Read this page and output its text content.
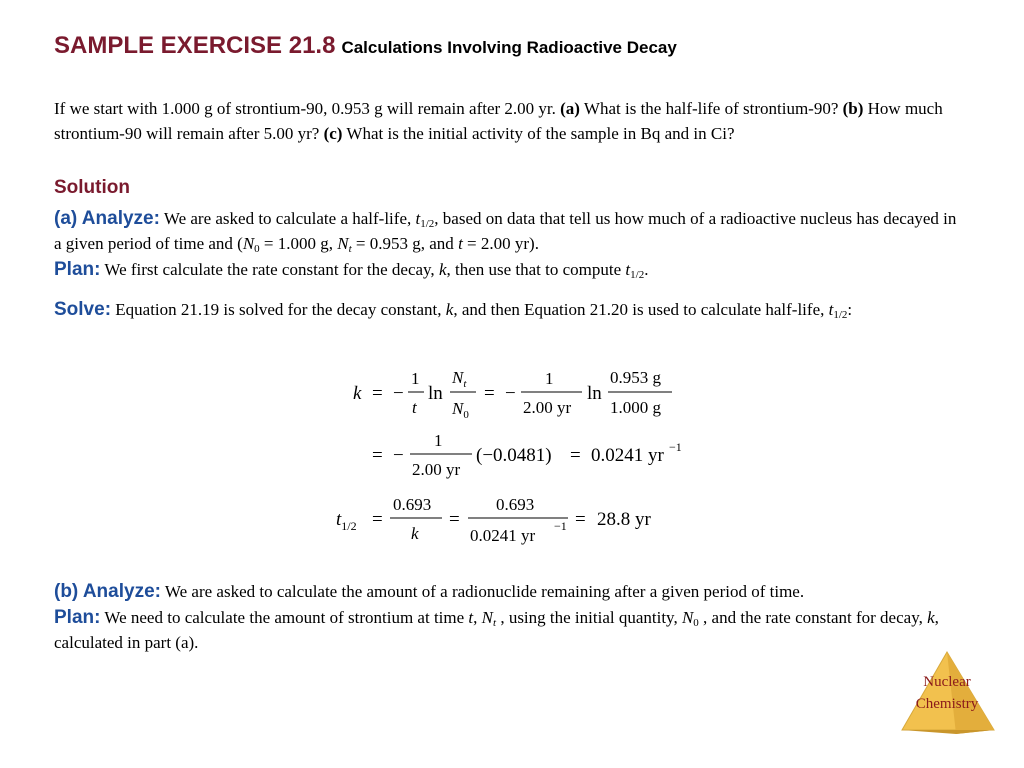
SAMPLE EXERCISE 21.8 Calculations Involving Radioactive Decay
If we start with 1.000 g of strontium-90, 0.953 g will remain after 2.00 yr. (a) What is the half-life of strontium-90? (b) How much strontium-90 will remain after 5.00 yr? (c) What is the initial activity of the sample in Bq and in Ci?
Solution
(a) Analyze: We are asked to calculate a half-life, $t_{1/2}$, based on data that tell us how much of a radioactive nucleus has decayed in a given period of time and ($N_0 = 1.000$ g, $N_t = 0.953$ g, and t = 2.00 yr).
Plan: We first calculate the rate constant for the decay, k, then use that to compute $t_{1/2}$.
Solve: Equation 21.19 is solved for the decay constant, k, and then Equation 21.20 is used to calculate half-life, $t_{1/2}$:
k = −
1
t
ln
$N_t$
$N_0$
= −
1
2.00 yr
ln
0.953 g
1.000 g
= −
1
2.00 yr
(−0.0481) = 0.0241 yr −1
$t_{1/2}$ =
0.693
k
=
0.693
0.0241 yr −1 = 28.8 yr
(b) Analyze: We are asked to calculate the amount of a radionuclide remaining after a given period of time.
Plan: We need to calculate the amount of strontium at time t, $N_t$ , using the initial quantity, $N_0$ , and the rate constant for decay, k, calculated in part (a).
Nuclear
Chemistry
